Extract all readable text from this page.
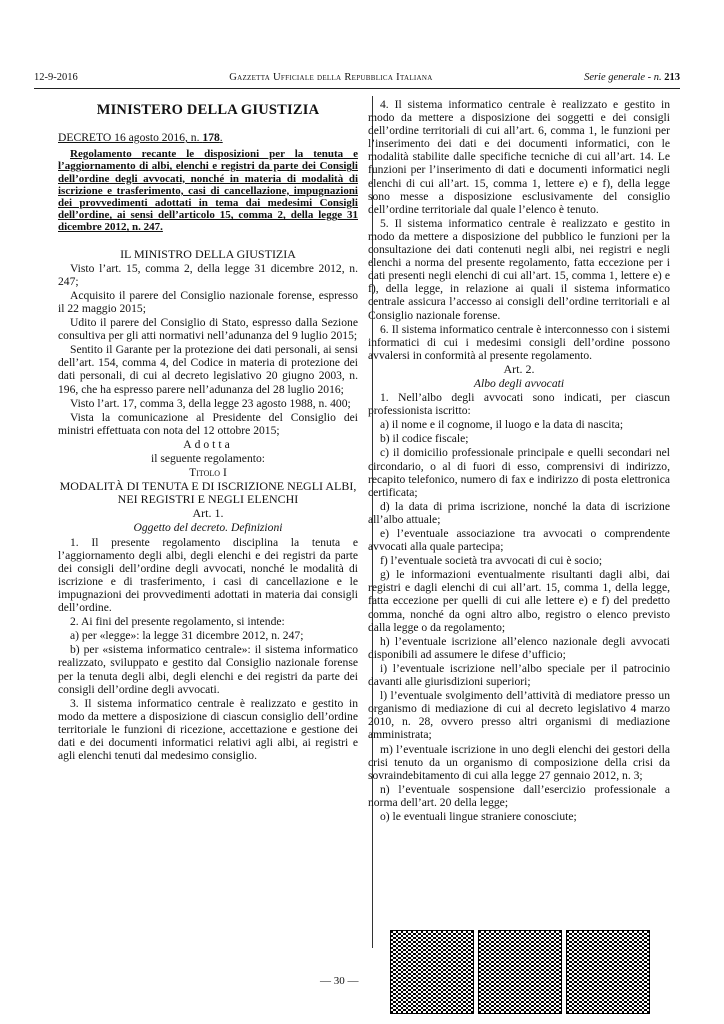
12-9-2016	Gazzetta Ufficiale della Repubblica Italiana	Serie generale - n. 213
MINISTERO DELLA GIUSTIZIA
DECRETO 16 agosto 2016, n. 178.
Regolamento recante le disposizioni per la tenuta e l’aggiornamento di albi, elenchi e registri da parte dei Consigli dell’ordine degli avvocati, nonché in materia di modalità di iscrizione e trasferimento, casi di cancellazione, impugnazioni dei provvedimenti adottati in tema dai medesimi Consigli dell’ordine, ai sensi dell’articolo 15, comma 2, della legge 31 dicembre 2012, n. 247.

IL MINISTRO DELLA GIUSTIZIA

Visto l’art. 15, comma 2, della legge 31 dicembre 2012, n. 247;

Acquisito il parere del Consiglio nazionale forense, espresso il 22 maggio 2015;

Udito il parere del Consiglio di Stato, espresso dalla Sezione consultiva per gli atti normativi nell’adunanza del 9 luglio 2015;

Sentito il Garante per la protezione dei dati personali, ai sensi dell’art. 154, comma 4, del Codice in materia di protezione dei dati personali, di cui al decreto legislativo 20 giugno 2003, n. 196, che ha espresso parere nell’adunanza del 28 luglio 2016;

Visto l’art. 17, comma 3, della legge 23 agosto 1988, n. 400;

Vista la comunicazione al Presidente del Consiglio dei ministri effettuata con nota del 12 ottobre 2015;

Adotta

il seguente regolamento:

Titolo I

MODALITÀ DI TENUTA E DI ISCRIZIONE NEGLI ALBI, NEI REGISTRI E NEGLI ELENCHI

Art. 1.

Oggetto del decreto. Definizioni

1. Il presente regolamento disciplina la tenuta e l’aggiornamento degli albi, degli elenchi e dei registri da parte dei consigli dell’ordine degli avvocati, nonché le modalità di iscrizione e di trasferimento, i casi di cancellazione e le impugnazioni dei provvedimenti adottati in materia dai consigli dell’ordine.

2. Ai fini del presente regolamento, si intende:

a) per «legge»: la legge 31 dicembre 2012, n. 247;

b) per «sistema informatico centrale»: il sistema informatico realizzato, sviluppato e gestito dal Consiglio nazionale forense per la tenuta degli albi, degli elenchi e dei registri da parte dei consigli dell’ordine degli avvocati.

3. Il sistema informatico centrale è realizzato e gestito in modo da mettere a disposizione di ciascun consiglio dell’ordine territoriale le funzioni di ricezione, accettazione e gestione dei dati e dei documenti informatici relativi agli albi, ai registri e agli elenchi tenuti dal medesimo consiglio.

4. Il sistema informatico centrale è realizzato e gestito in modo da mettere a disposizione dei soggetti e dei consigli dell’ordine territoriali di cui all’art. 6, comma 1, le funzioni per l’inserimento dei dati e dei documenti informatici, con le modalità stabilite dalle specifiche tecniche di cui all’art. 14. Le funzioni per l’inserimento di dati e documenti informatici negli elenchi di cui all’art. 15, comma 1, lettere e) e f), della legge sono messe a disposizione esclusivamente del consiglio dell’ordine territoriale dal quale l’elenco è tenuto.

5. Il sistema informatico centrale è realizzato e gestito in modo da mettere a disposizione del pubblico le funzioni per la consultazione dei dati contenuti negli albi, nei registri e negli elenchi a norma del presente regolamento, fatta eccezione per i dati presenti negli elenchi di cui all’art. 15, comma 1, lettere e) e f), della legge, in relazione ai quali il sistema informatico centrale assicura l’accesso ai consigli dell’ordine territoriali e al Consiglio nazionale forense.

6. Il sistema informatico centrale è interconnesso con i sistemi informatici di cui i medesimi consigli dell’ordine possono avvalersi in conformità al presente regolamento.

Art. 2.

Albo degli avvocati

1. Nell’albo degli avvocati sono indicati, per ciascun professionista iscritto:

a) il nome e il cognome, il luogo e la data di nascita;

b) il codice fiscale;

c) il domicilio professionale principale e quelli secondari nel circondario, o al di fuori di esso, comprensivi di indirizzo, recapito telefonico, numero di fax e indirizzo di posta elettronica certificata;

d) la data di prima iscrizione, nonché la data di iscrizione all’albo attuale;

e) l’eventuale associazione tra avvocati o comprendente avvocati alla quale partecipa;

f) l’eventuale società tra avvocati di cui è socio;

g) le informazioni eventualmente risultanti dagli albi, dai registri e dagli elenchi di cui all’art. 15, comma 1, della legge, fatta eccezione per quelli di cui alle lettere e) e f) del predetto comma, nonché da ogni altro albo, registro o elenco previsto dalla legge o da regolamento;

h) l’eventuale iscrizione all’elenco nazionale degli avvocati disponibili ad assumere le difese d’ufficio;

i) l’eventuale iscrizione nell’albo speciale per il patrocinio davanti alle giurisdizioni superiori;

l) l’eventuale svolgimento dell’attività di mediatore presso un organismo di mediazione di cui al decreto legislativo 4 marzo 2010, n. 28, ovvero presso altri organismi di mediazione amministrata;

m) l’eventuale iscrizione in uno degli elenchi dei gestori della crisi tenuto da un organismo di composizione della crisi da sovraindebitamento di cui alla legge 27 gennaio 2012, n. 3;

n) l’eventuale sospensione dall’esercizio professionale a norma dell’art. 20 della legge;

o) le eventuali lingue straniere conosciute;

— 30 —
